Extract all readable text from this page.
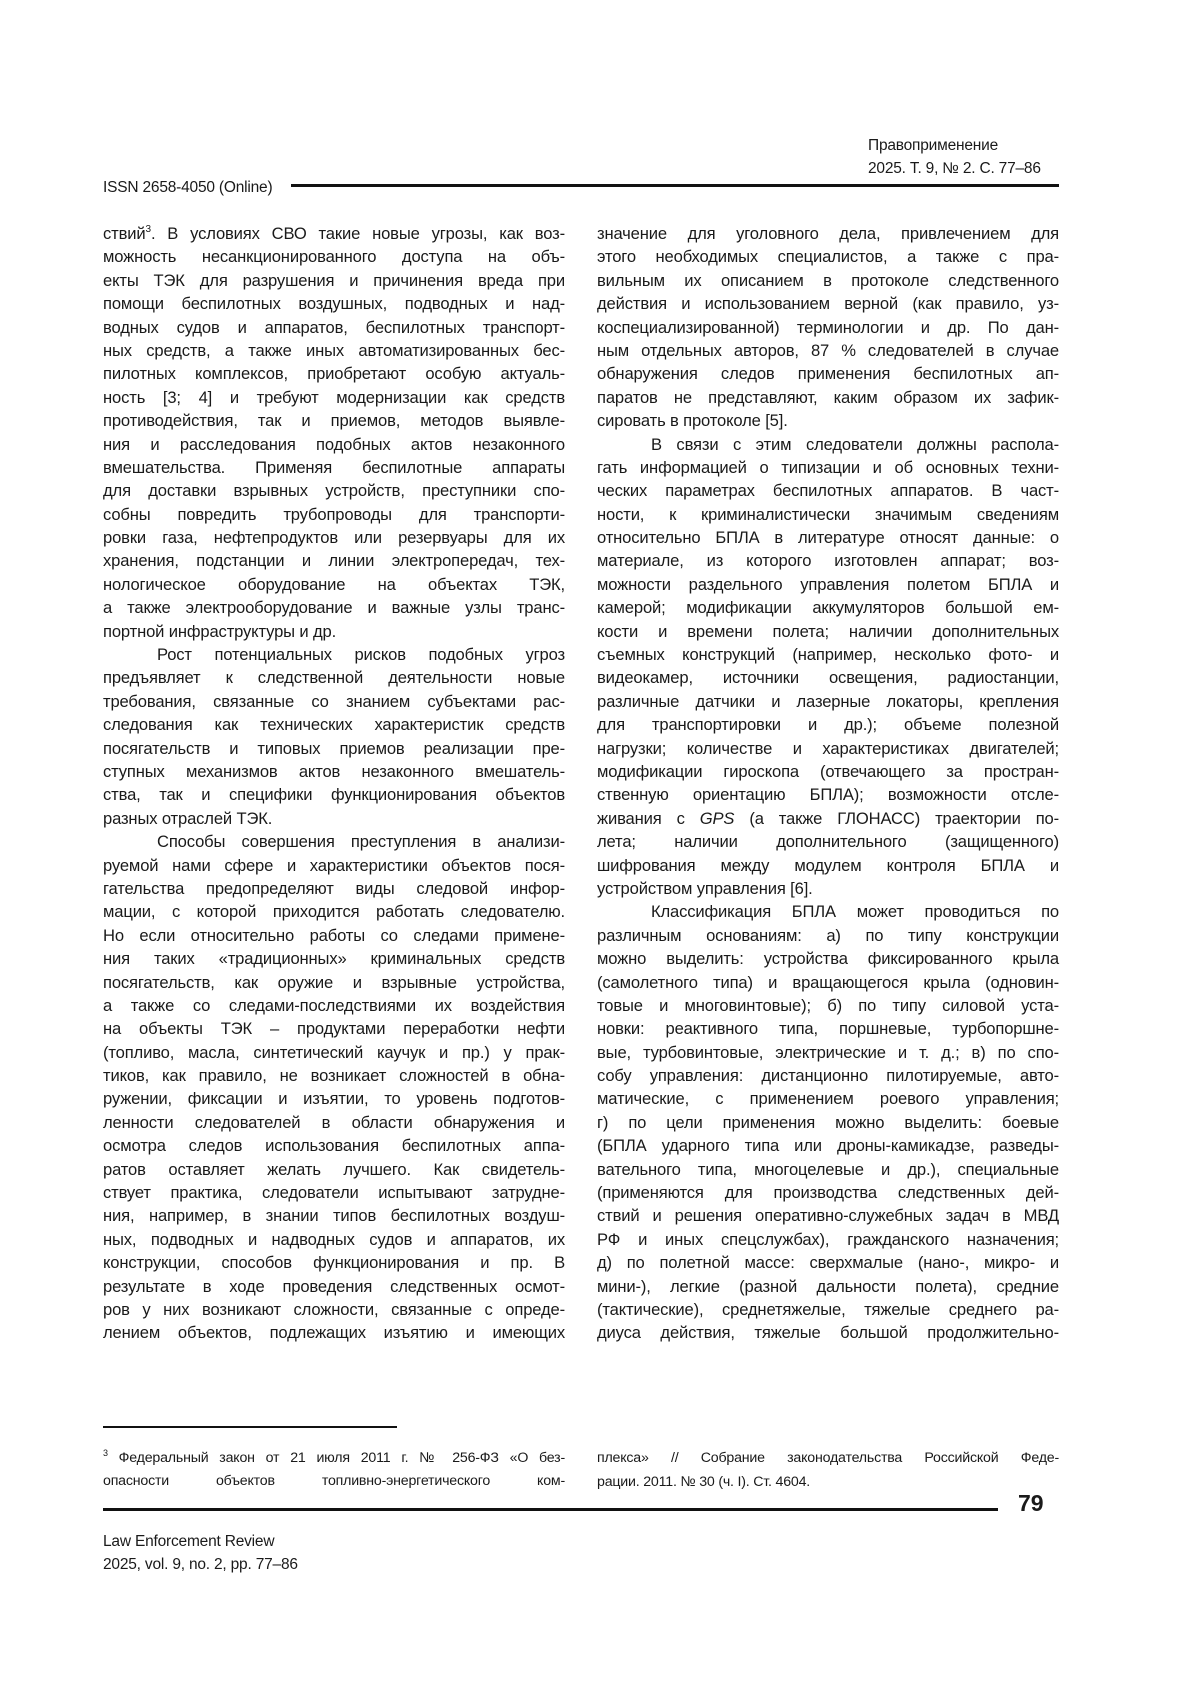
Правоприменение
2025. Т. 9, № 2. С. 77–86
ISSN 2658-4050 (Online)
ствий$^3$. В условиях СВО такие новые угрозы, как воз-
можность несанкционированного доступа на объ-
екты ТЭК для разрушения и причинения вреда при
помощи беспилотных воздушных, подводных и над-
водных судов и аппаратов, беспилотных транспорт-
ных средств, а также иных автоматизированных бес-
пилотных комплексов, приобретают особую актуаль-
ность [3; 4] и требуют модернизации как средств
противодействия, так и приемов, методов выявле-
ния и расследования подобных актов незаконного
вмешательства. Применяя беспилотные аппараты
для доставки взрывных устройств, преступники спо-
собны повредить трубопроводы для транспорти-
ровки газа, нефтепродуктов или резервуары для их
хранения, подстанции и линии электропередач, тех-
нологическое оборудование на объектах ТЭК,
а также электрооборудование и важные узлы транс-
портной инфраструктуры и др.
Рост потенциальных рисков подобных угроз
предъявляет к следственной деятельности новые
требования, связанные со знанием субъектами рас-
следования как технических характеристик средств
посягательств и типовых приемов реализации пре-
ступных механизмов актов незаконного вмешатель-
ства, так и специфики функционирования объектов
разных отраслей ТЭК.
Способы совершения преступления в анализи-
руемой нами сфере и характеристики объектов пося-
гательства предопределяют виды следовой инфор-
мации, с которой приходится работать следователю.
Но если относительно работы со следами примене-
ния таких «традиционных» криминальных средств
посягательств, как оружие и взрывные устройства,
а также со следами-последствиями их воздействия
на объекты ТЭК – продуктами переработки нефти
(топливо, масла, синтетический каучук и пр.) у прак-
тиков, как правило, не возникает сложностей в обна-
ружении, фиксации и изъятии, то уровень подготов-
ленности следователей в области обнаружения и
осмотра следов использования беспилотных аппа-
ратов оставляет желать лучшего. Как свидетель-
ствует практика, следователи испытывают затрудне-
ния, например, в знании типов беспилотных воздуш-
ных, подводных и надводных судов и аппаратов, их
конструкции, способов функционирования и пр. В
результате в ходе проведения следственных осмот-
ров у них возникают сложности, связанные с опреде-
лением объектов, подлежащих изъятию и имеющих
значение для уголовного дела, привлечением для
этого необходимых специалистов, а также с пра-
вильным их описанием в протоколе следственного
действия и использованием верной (как правило, уз-
коспециализированной) терминологии и др. По дан-
ным отдельных авторов, 87 % следователей в случае
обнаружения следов применения беспилотных ап-
паратов не представляют, каким образом их зафик-
сировать в протоколе [5].
В связи с этим следователи должны распола-
гать информацией о типизации и об основных техни-
ческих параметрах беспилотных аппаратов. В част-
ности, к криминалистически значимым сведениям
относительно БПЛА в литературе относят данные: о
материале, из которого изготовлен аппарат; воз-
можности раздельного управления полетом БПЛА и
камерой; модификации аккумуляторов большой ем-
кости и времени полета; наличии дополнительных
съемных конструкций (например, несколько фото- и
видеокамер, источники освещения, радиостанции,
различные датчики и лазерные локаторы, крепления
для транспортировки и др.); объеме полезной
нагрузки; количестве и характеристиках двигателей;
модификации гироскопа (отвечающего за простран-
ственную ориентацию БПЛА); возможности отсле-
живания с GPS (а также ГЛОНАСС) траектории по-
лета; наличии дополнительного (защищенного)
шифрования между модулем контроля БПЛА и
устройством управления [6].
Классификация БПЛА может проводиться по
различным основаниям: а) по типу конструкции
можно выделить: устройства фиксированного крыла
(самолетного типа) и вращающегося крыла (одновин-
товые и многовинтовые); б) по типу силовой уста-
новки: реактивного типа, поршневые, турбопоршне-
вые, турбовинтовые, электрические и т. д.; в) по спо-
собу управления: дистанционно пилотируемые, авто-
матические, с применением роевого управления;
г) по цели применения можно выделить: боевые
(БПЛА ударного типа или дроны-камикадзе, разведы-
вательного типа, многоцелевые и др.), специальные
(применяются для производства следственных дей-
ствий и решения оперативно-служебных задач в МВД
РФ и иных спецслужбах), гражданского назначения;
д) по полетной массе: сверхмалые (нано-, микро- и
мини-), легкие (разной дальности полета), средние
(тактические), среднетяжелые, тяжелые среднего ра-
диуса действия, тяжелые большой продолжительно-
$^3$ Федеральный закон от 21 июля 2011 г. № 256-ФЗ «О без-
опасности объектов топливно-энергетического ком-
плекса» // Собрание законодательства Российской Феде-
рации. 2011. № 30 (ч. I). Ст. 4604.
79
Law Enforcement Review
2025, vol. 9, no. 2, pp. 77–86
